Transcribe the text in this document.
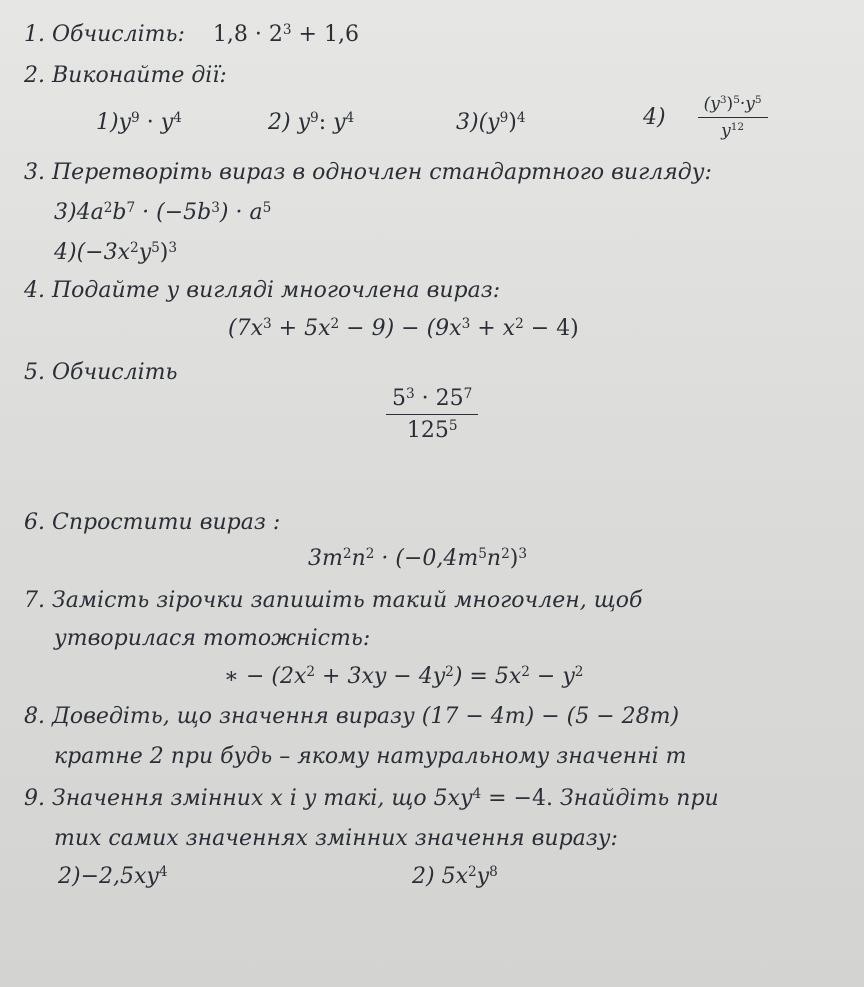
1. Обчисліть: $1,8 \cdot 2^3 + 1,6$
2. Виконайте дії:
$1)y^9 \cdot y^4$	2) $y^9$: $y^4$	$3)(y^9)^4$	$4) \frac{(y^3)^5\cdot y^5}{y^{12}}$
3. Перетворіть вираз в одночлен стандартного вигляду:
$3)4a^2b^7 \cdot (-5b^3) \cdot a^5$
$4)(-3x^2y^5)^3$
4. Подайте у вигляді многочлена вираз:
$(7x^3 + 5x^2 - 9) - (9x^3 + x^2 - 4)$
5. Обчисліть
$\frac{5^3 \cdot 25^7}{125^5}$
6. Спростити вираз :
$3m^2n^2 \cdot (-0,4m^5n^2)^3$
7. Замість зірочки запишіть такий многочлен, щоб
утворилася тотожність:
∗ − $(2x^2 + 3xy - 4y^2) = 5x^2 - y^2$
8. Доведіть, що значення виразу (17 − 4m) − (5 − 28m)
кратне 2 при будь – якому натуральному значенні m
9. Значення змінних x і y такі, що $5xy^4 = -4$. Знайдіть при
тих самих значеннях змінних значення виразу:
$2)-2,5xy^4$	2) $5x^2y^8$
